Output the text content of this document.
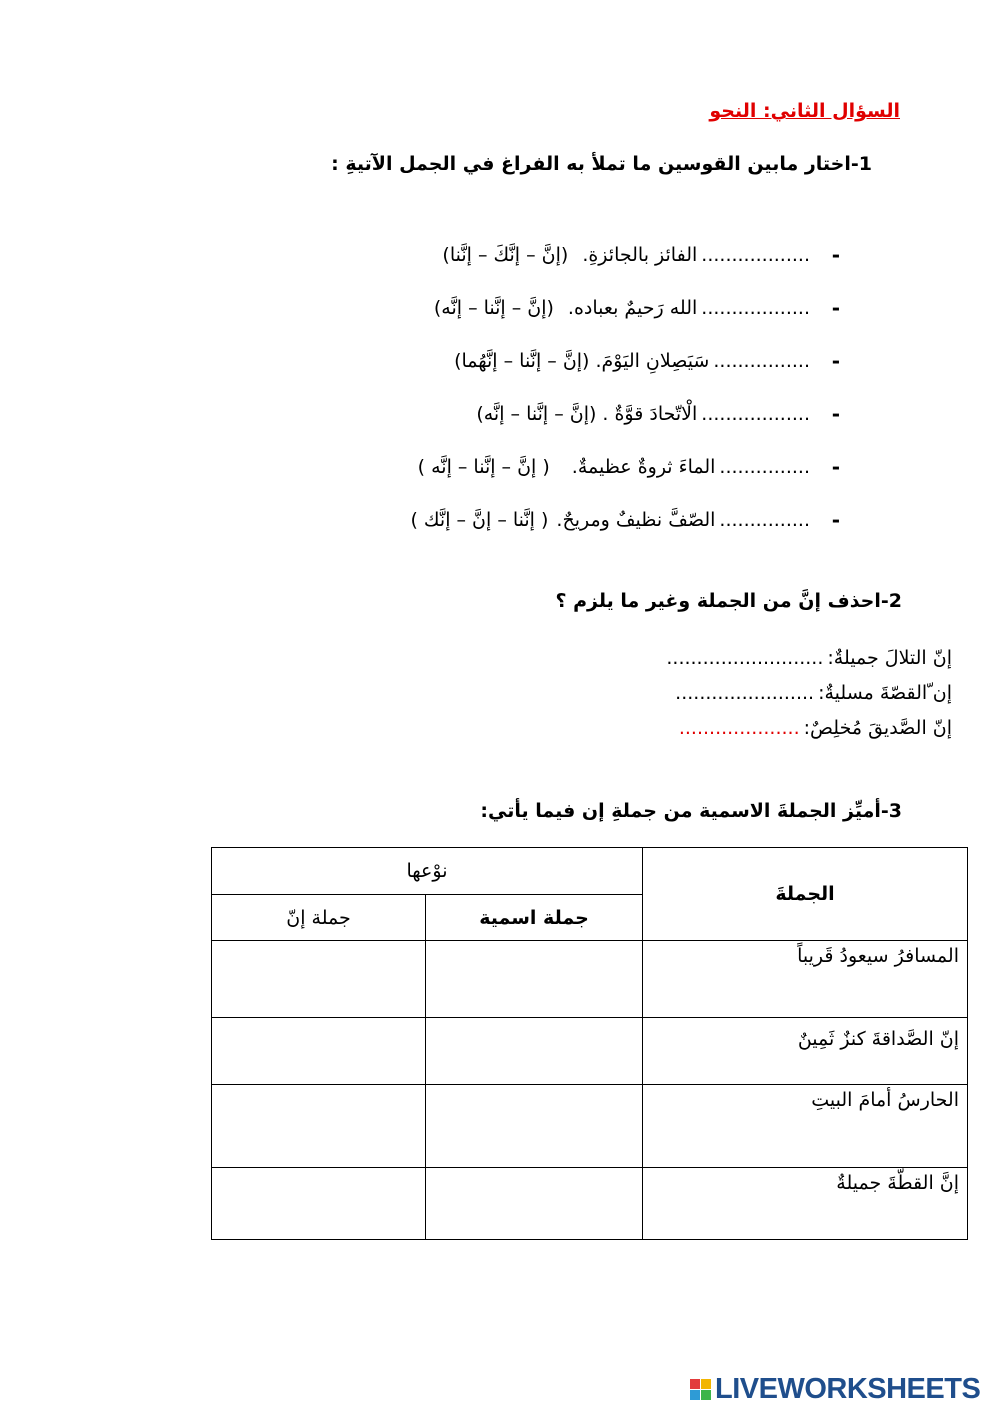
السؤال الثاني: النحو
1-اختار مابين القوسين ما تملأ به الفراغ في الجمل الآتيةِ :
-
..................
الفائز بالجائزةِ.
(إنَّ – إنَّكَ – إنَّنا)
-
..................
الله رَحيمٌ بعباده.
(إنَّ – إنَّنا – إنَّه)
-
................
سَيَصِلانِ اليَوْمَ.
(إنَّ – إنَّنا – إنَّهُما)
-
..................
الْاتّحادَ قوَّةٌ .
(إنَّ – إنَّنا – إنَّه)
-
...............
الماءَ ثروةٌ عظيمةٌ.
( إنَّ – إنَّنا – إنَّه )
-
...............
الصّفَّ نظيفٌ ومريحٌ.
( إنَّنا – إنَّ – إنَّك )
2-احذف إنَّ من الجملة وغير ما يلزم ؟
إنّ التلالَ جميلةٌ:
..........................
إن ّالقصّةَ مسليةٌ:
.......................
إنّ الصَّديقَ مُخلِصٌ:
....................
3-أميِّز الجملةَ الاسمية من جملةِ إن فيما يأتي:
الجملةَ	نوْعها	
	جملة اسمية	جملة إنّ
المسافرُ سيعودُ قَريباً		
إنّ الصَّداقةَ كنزٌ ثَمِينٌ		
الحارسُ أمامَ البيتِ		
إنَّ القطّةَ جميلةٌ		
LIVEWORKSHEETS
